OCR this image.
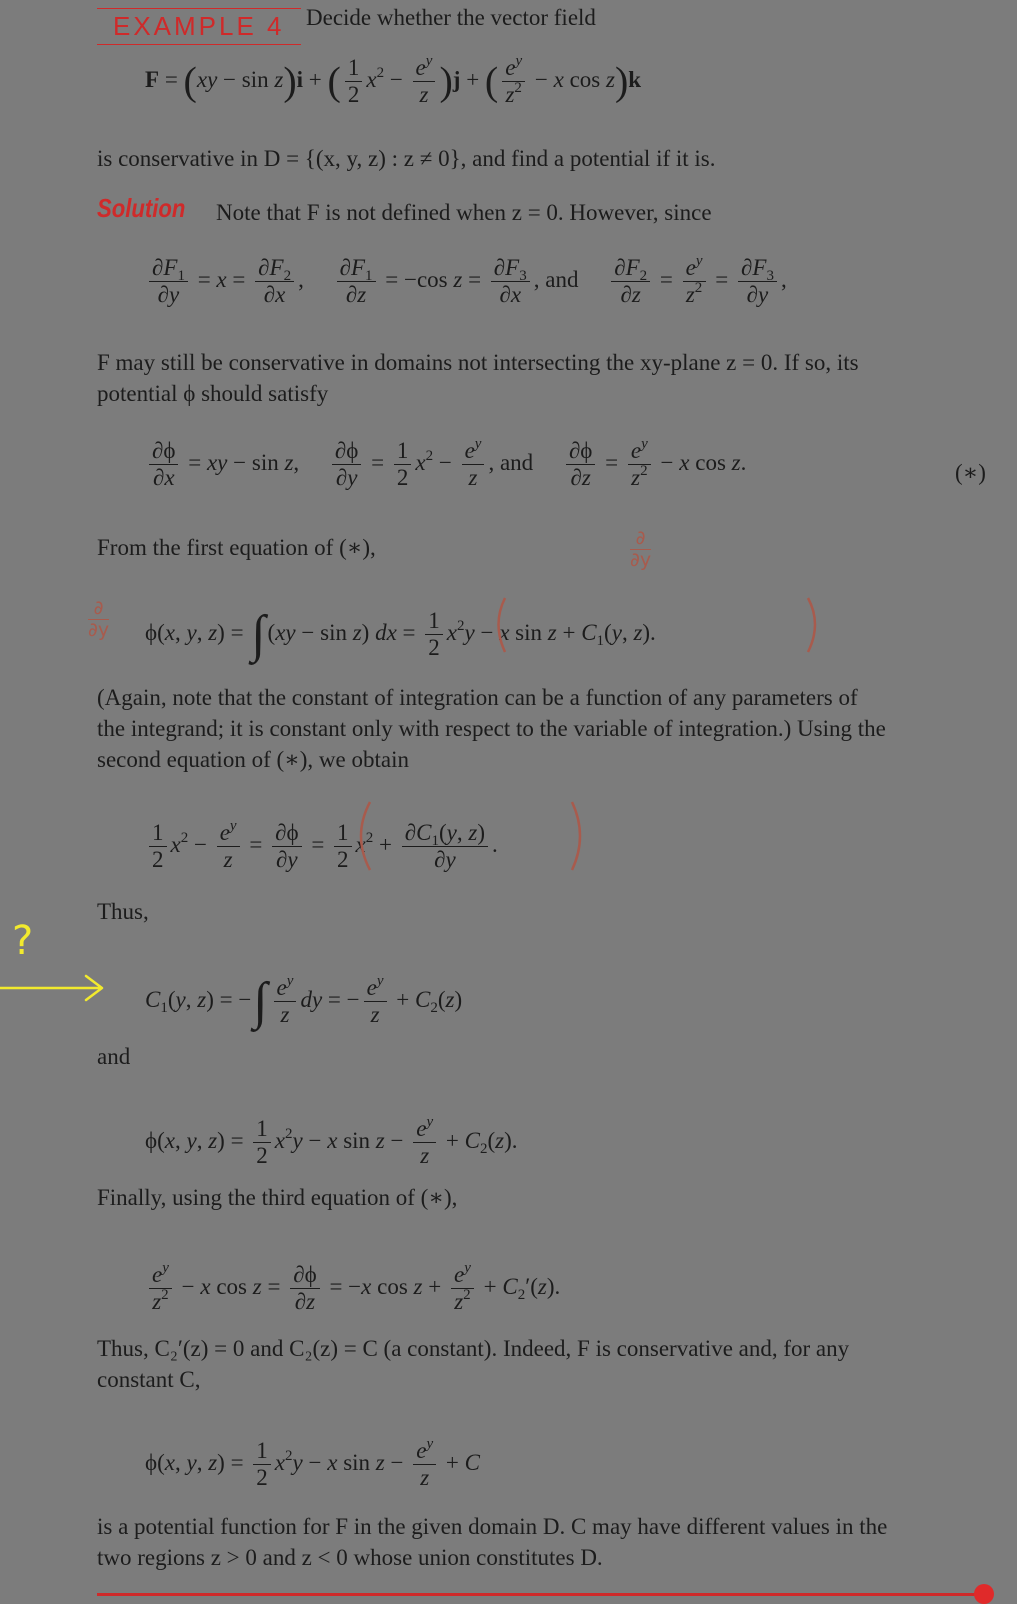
EXAMPLE 4 Decide whether the vector field
F = (xy − sin z)i + ( $\frac{1}{2} x^2 - \frac{e^y}{z} )j$ + ( $\frac{e^y}{z^2} - x$ cos z)k
is conservative in D = {(x, y, z) : z ≠ 0}, and find a potential if it is.
Solution Note that F is not defined when z = 0. However, since
$\frac{\partial F_1}{\partial y} = x = \frac{\partial F_2}{\partial x}$ , $\frac{\partial F_1}{\partial z} = -\cos$ $z = \frac{\partial F_3}{\partial x}$ , and $\frac{\partial F_2}{\partial z} = \frac{e^y}{z^2} = \frac{\partial F_3}{\partial y}$ ,
F may still be conservative in domains not intersecting the xy-plane z = 0. If so, its
potential ϕ should satisfy
$\frac{\partial\phi}{\partial x}$ = xy − sin z, $\frac{\partial\phi}{\partial y} = \frac{1}{2} x^2 - \frac{e^y}{z}$ , and $\frac{\partial\phi}{\partial z} = \frac{e^y}{z^2} - x$ cos z.	(∗)
From the first equation of (∗),
ϕ(x, y, z) = ∫(xy − sin z) dx = $\frac{1}{2} x^2y - x$ $\sin z + C_1(y$, z).
(Again, note that the constant of integration can be a function of any parameters of
the integrand; it is constant only with respect to the variable of integration.) Using the
second equation of (∗), we obtain
$\frac{1}{2} x^2 - \frac{e^y}{z} = \frac{\partial\phi}{\partial y} = \frac{1}{2} x^2 + \frac{\partial C_1(y, z)}{\partial y}$ .
Thus,
$C_1(y$, z) = −∫ $\frac{e^y}{z}$ dy = − $\frac{e^y}{z} + C_2(z)$
and
ϕ(x, y, $z) = \frac{1}{2} x^2y - x$ $\sin z - \frac{e^y}{z} + C_2(z)$.
Finally, using the third equation of (∗),
$\frac{e^y}{z^2} - x$ $\cos z = \frac{\partial\phi}{\partial z} = -x$ $\cos z + \frac{e^y}{z^2} + C_2'(z)$.
Thus, C₂′(z) = 0 and C₂(z) = C (a constant). Indeed, F is conservative and, for any
constant C,
ϕ(x, y, $z) = \frac{1}{2} x^2y - x$ $\sin z - \frac{e^y}{z} + C$
is a potential function for F in the given domain D. C may have different values in the
two regions z > 0 and z < 0 whose union constitutes D.
∂
∂y
∂
∂y
?
